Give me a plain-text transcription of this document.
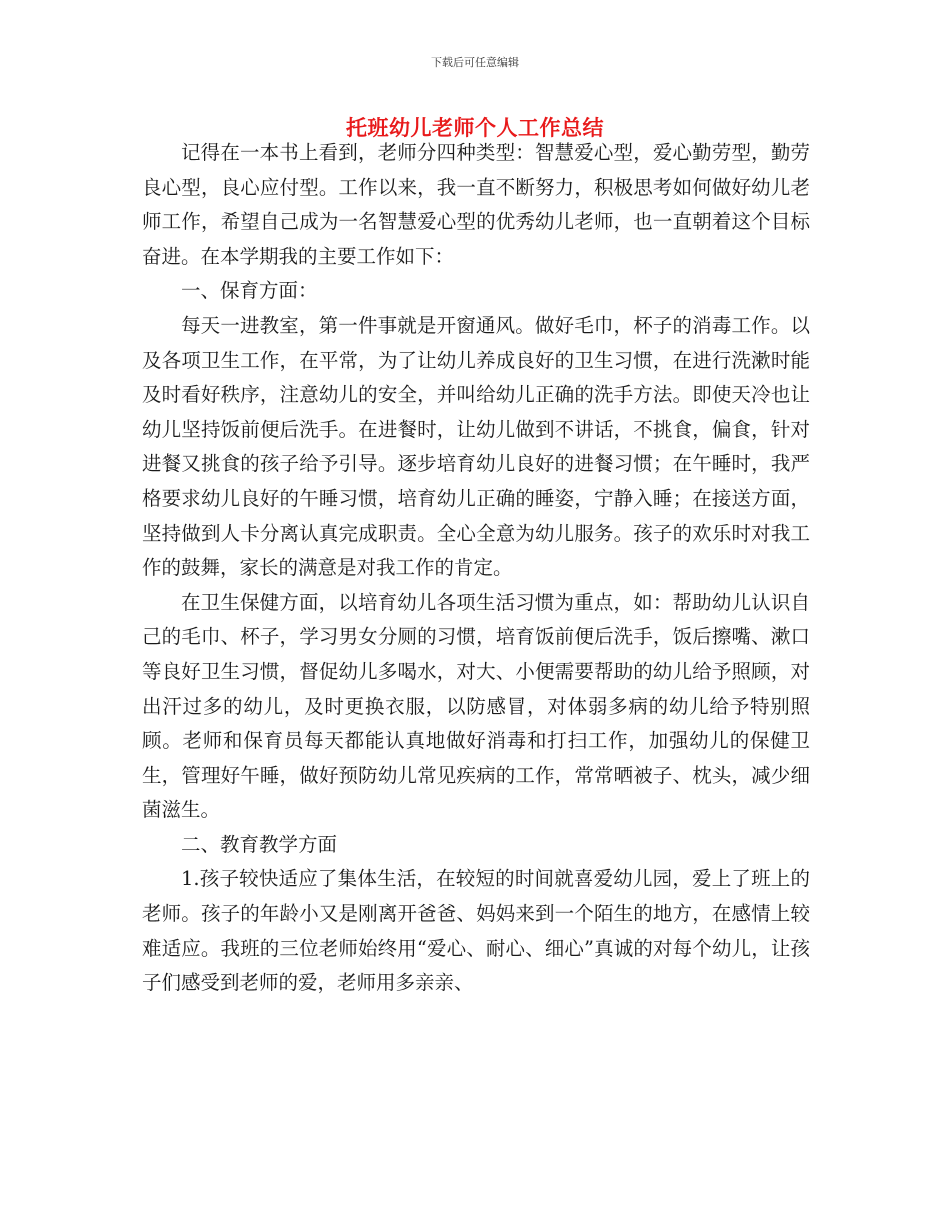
下载后可任意编辑
托班幼儿老师个人工作总结

记得在一本书上看到，老师分四种类型：智慧爱心型，爱心勤劳型，勤劳良心型，良心应付型。工作以来，我一直不断努力，积极思考如何做好幼儿老师工作，希望自己成为一名智慧爱心型的优秀幼儿老师，也一直朝着这个目标奋进。在本学期我的主要工作如下：

一、保育方面：

每天一进教室，第一件事就是开窗通风。做好毛巾，杯子的消毒工作。以及各项卫生工作，在平常，为了让幼儿养成良好的卫生习惯，在进行洗漱时能及时看好秩序，注意幼儿的安全，并叫给幼儿正确的洗手方法。即使天冷也让幼儿坚持饭前便后洗手。在进餐时，让幼儿做到不讲话，不挑食，偏食，针对进餐又挑食的孩子给予引导。逐步培育幼儿良好的进餐习惯；在午睡时，我严格要求幼儿良好的午睡习惯，培育幼儿正确的睡姿，宁静入睡；在接送方面，坚持做到人卡分离认真完成职责。全心全意为幼儿服务。孩子的欢乐时对我工作的鼓舞，家长的满意是对我工作的肯定。

在卫生保健方面，以培育幼儿各项生活习惯为重点，如：帮助幼儿认识自己的毛巾、杯子，学习男女分厕的习惯，培育饭前便后洗手，饭后擦嘴、漱口等良好卫生习惯，督促幼儿多喝水，对大、小便需要帮助的幼儿给予照顾，对出汗过多的幼儿，及时更换衣服，以防感冒，对体弱多病的幼儿给予特别照顾。老师和保育员每天都能认真地做好消毒和打扫工作，加强幼儿的保健卫生，管理好午睡，做好预防幼儿常见疾病的工作，常常晒被子、枕头，减少细菌滋生。

二、教育教学方面

1.孩子较快适应了集体生活，在较短的时间就喜爱幼儿园，爱上了班上的老师。孩子的年龄小又是刚离开爸爸、妈妈来到一个陌生的地方，在感情上较难适应。我班的三位老师始终用“爱心、耐心、细心”真诚的对每个幼儿，让孩子们感受到老师的爱，老师用多亲亲、
